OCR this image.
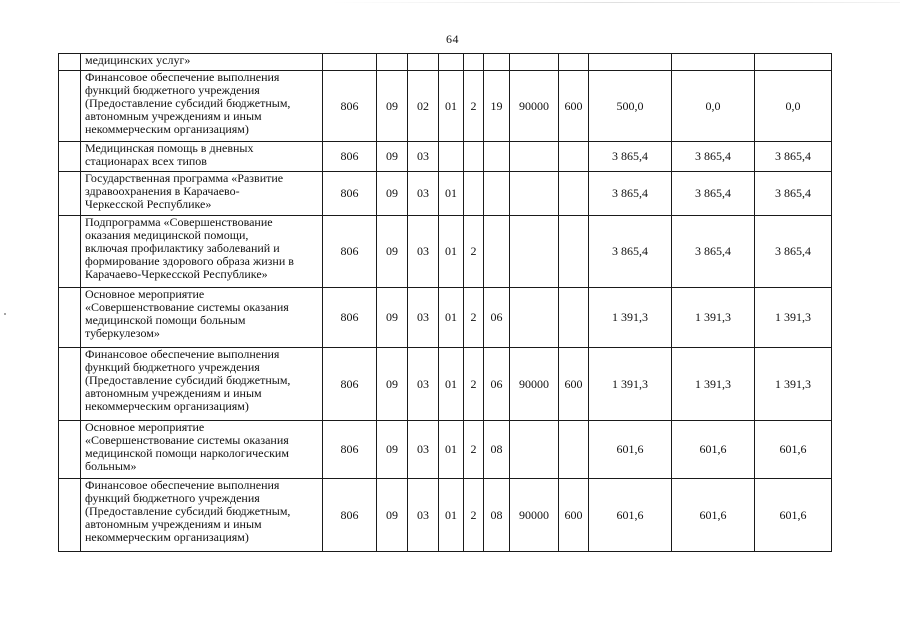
64

	медицинских услуг»											

	Финансовое обеспечение выполнения
функций бюджетного учреждения
(Предоставление субсидий бюджетным,
автономным учреждениям и иным
некоммерческим организациям)	806	09	02	01	2	19	90000	600	500,0	0,0	0,0

	Медицинская помощь в дневных
стационарах всех типов	806	09	03						3 865,4	3 865,4	3 865,4

	Государственная программа «Развитие
здравоохранения в Карачаево-
Черкесской Республике»	806	09	03	01					3 865,4	3 865,4	3 865,4

	Подпрограмма «Совершенствование
оказания медицинской помощи,
включая профилактику заболеваний и
формирование здорового образа жизни в
Карачаево-Черкесской Республике»	806	09	03	01	2				3 865,4	3 865,4	3 865,4

	Основное мероприятие
«Совершенствование системы оказания
медицинской помощи больным
туберкулезом»	806	09	03	01	2	06			1 391,3	1 391,3	1 391,3

	Финансовое обеспечение выполнения
функций бюджетного учреждения
(Предоставление субсидий бюджетным,
автономным учреждениям и иным
некоммерческим организациям)	806	09	03	01	2	06	90000	600	1 391,3	1 391,3	1 391,3

	Основное мероприятие
«Совершенствование системы оказания
медицинской помощи наркологическим
больным»	806	09	03	01	2	08			601,6	601,6	601,6

	Финансовое обеспечение выполнения
функций бюджетного учреждения
(Предоставление субсидий бюджетным,
автономным учреждениям и иным
некоммерческим организациям)	806	09	03	01	2	08	90000	600	601,6	601,6	601,6
